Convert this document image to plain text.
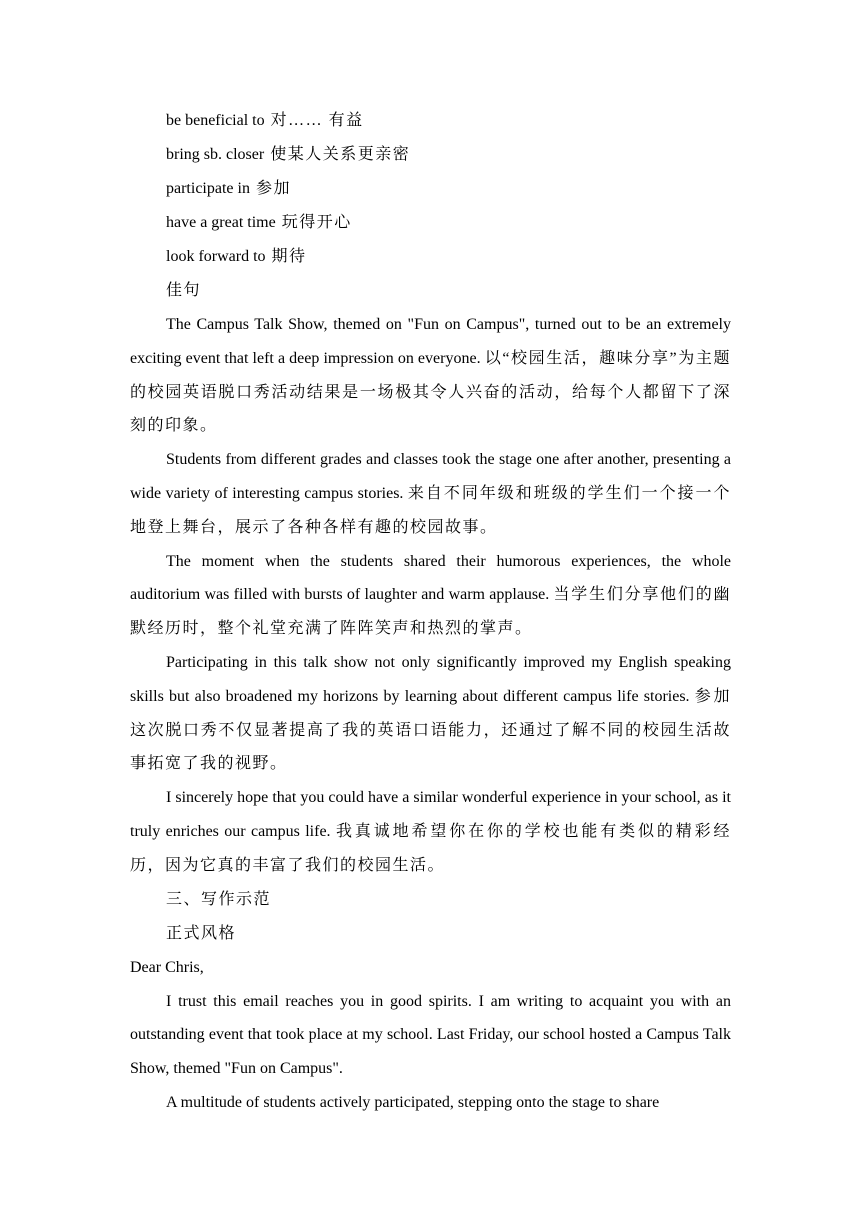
be beneficial to 对…… 有益
bring sb. closer 使某人关系更亲密
participate in 参加
have a great time 玩得开心
look forward to 期待
佳句

The Campus Talk Show, themed on "Fun on Campus", turned out to be an extremely exciting event that left a deep impression on everyone. 以“校园生活，趣味分享”为主题的校园英语脱口秀活动结果是一场极其令人兴奋的活动，给每个人都留下了深刻的印象。

Students from different grades and classes took the stage one after another, presenting a wide variety of interesting campus stories. 来自不同年级和班级的学生们一个接一个地登上舞台，展示了各种各样有趣的校园故事。

The moment when the students shared their humorous experiences, the whole auditorium was filled with bursts of laughter and warm applause. 当学生们分享他们的幽默经历时，整个礼堂充满了阵阵笑声和热烈的掌声。

Participating in this talk show not only significantly improved my English speaking skills but also broadened my horizons by learning about different campus life stories. 参加这次脱口秀不仅显著提高了我的英语口语能力，还通过了解不同的校园生活故事拓宽了我的视野。

I sincerely hope that you could have a similar wonderful experience in your school, as it truly enriches our campus life. 我真诚地希望你在你的学校也能有类似的精彩经历，因为它真的丰富了我们的校园生活。

三、写作示范
正式风格
Dear Chris,

I trust this email reaches you in good spirits. I am writing to acquaint you with an outstanding event that took place at my school. Last Friday, our school hosted a Campus Talk Show, themed "Fun on Campus".

A multitude of students actively participated, stepping onto the stage to share
